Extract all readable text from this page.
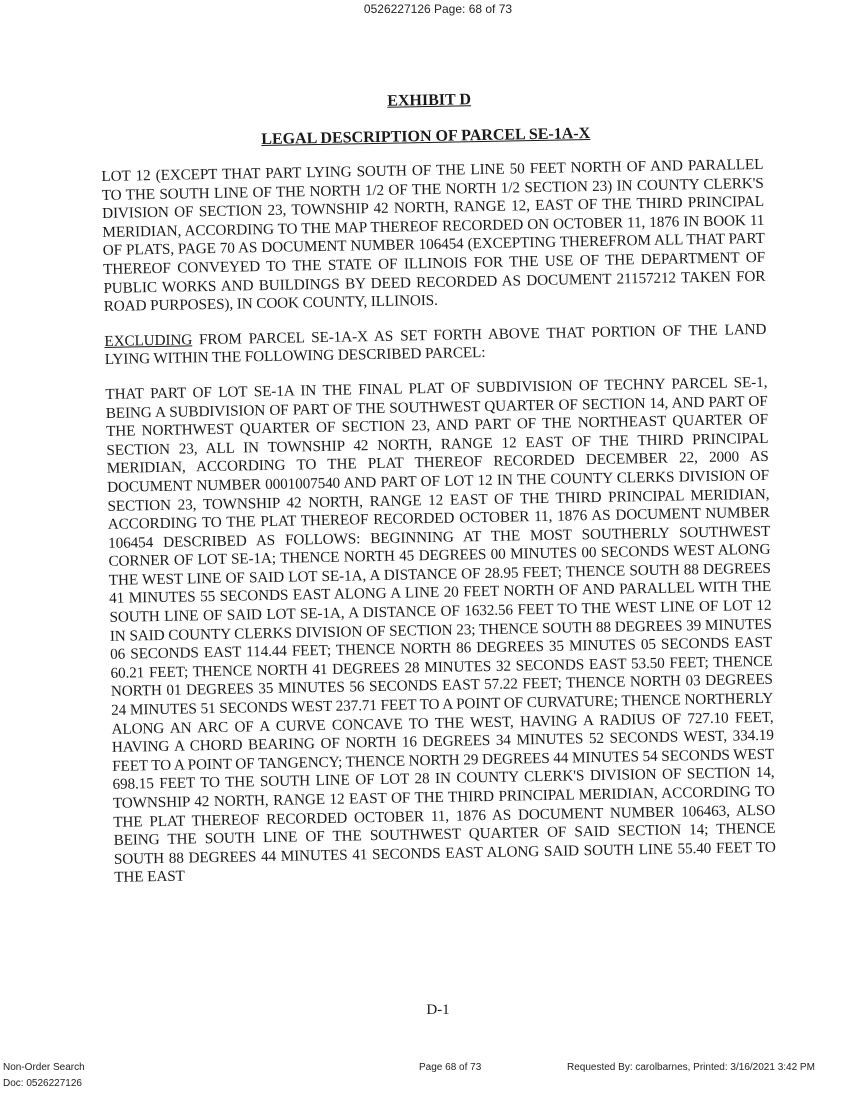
0526227126 Page: 68 of 73
EXHIBIT D
LEGAL DESCRIPTION OF PARCEL SE-1A-X

LOT 12 (EXCEPT THAT PART LYING SOUTH OF THE LINE 50 FEET NORTH OF AND PARALLEL TO THE SOUTH LINE OF THE NORTH 1/2 OF THE NORTH 1/2 SECTION 23) IN COUNTY CLERK'S DIVISION OF SECTION 23, TOWNSHIP 42 NORTH, RANGE 12, EAST OF THE THIRD PRINCIPAL MERIDIAN, ACCORDING TO THE MAP THEREOF RECORDED ON OCTOBER 11, 1876 IN BOOK 11 OF PLATS, PAGE 70 AS DOCUMENT NUMBER 106454 (EXCEPTING THEREFROM ALL THAT PART THEREOF CONVEYED TO THE STATE OF ILLINOIS FOR THE USE OF THE DEPARTMENT OF PUBLIC WORKS AND BUILDINGS BY DEED RECORDED AS DOCUMENT 21157212 TAKEN FOR ROAD PURPOSES), IN COOK COUNTY, ILLINOIS.

EXCLUDING FROM PARCEL SE-1A-X AS SET FORTH ABOVE THAT PORTION OF THE LAND LYING WITHIN THE FOLLOWING DESCRIBED PARCEL:

THAT PART OF LOT SE-1A IN THE FINAL PLAT OF SUBDIVISION OF TECHNY PARCEL SE-1, BEING A SUBDIVISION OF PART OF THE SOUTHWEST QUARTER OF SECTION 14, AND PART OF THE NORTHWEST QUARTER OF SECTION 23, AND PART OF THE NORTHEAST QUARTER OF SECTION 23, ALL IN TOWNSHIP 42 NORTH, RANGE 12 EAST OF THE THIRD PRINCIPAL MERIDIAN, ACCORDING TO THE PLAT THEREOF RECORDED DECEMBER 22, 2000 AS DOCUMENT NUMBER 0001007540 AND PART OF LOT 12 IN THE COUNTY CLERKS DIVISION OF SECTION 23, TOWNSHIP 42 NORTH, RANGE 12 EAST OF THE THIRD PRINCIPAL MERIDIAN, ACCORDING TO THE PLAT THEREOF RECORDED OCTOBER 11, 1876 AS DOCUMENT NUMBER 106454 DESCRIBED AS FOLLOWS: BEGINNING AT THE MOST SOUTHERLY SOUTHWEST CORNER OF LOT SE-1A; THENCE NORTH 45 DEGREES 00 MINUTES 00 SECONDS WEST ALONG THE WEST LINE OF SAID LOT SE-1A, A DISTANCE OF 28.95 FEET; THENCE SOUTH 88 DEGREES 41 MINUTES 55 SECONDS EAST ALONG A LINE 20 FEET NORTH OF AND PARALLEL WITH THE SOUTH LINE OF SAID LOT SE-1A, A DISTANCE OF 1632.56 FEET TO THE WEST LINE OF LOT 12 IN SAID COUNTY CLERKS DIVISION OF SECTION 23; THENCE SOUTH 88 DEGREES 39 MINUTES 06 SECONDS EAST 114.44 FEET; THENCE NORTH 86 DEGREES 35 MINUTES 05 SECONDS EAST 60.21 FEET; THENCE NORTH 41 DEGREES 28 MINUTES 32 SECONDS EAST 53.50 FEET; THENCE NORTH 01 DEGREES 35 MINUTES 56 SECONDS EAST 57.22 FEET; THENCE NORTH 03 DEGREES 24 MINUTES 51 SECONDS WEST 237.71 FEET TO A POINT OF CURVATURE; THENCE NORTHERLY ALONG AN ARC OF A CURVE CONCAVE TO THE WEST, HAVING A RADIUS OF 727.10 FEET, HAVING A CHORD BEARING OF NORTH 16 DEGREES 34 MINUTES 52 SECONDS WEST, 334.19 FEET TO A POINT OF TANGENCY; THENCE NORTH 29 DEGREES 44 MINUTES 54 SECONDS WEST 698.15 FEET TO THE SOUTH LINE OF LOT 28 IN COUNTY CLERK'S DIVISION OF SECTION 14, TOWNSHIP 42 NORTH, RANGE 12 EAST OF THE THIRD PRINCIPAL MERIDIAN, ACCORDING TO THE PLAT THEREOF RECORDED OCTOBER 11, 1876 AS DOCUMENT NUMBER 106463, ALSO BEING THE SOUTH LINE OF THE SOUTHWEST QUARTER OF SAID SECTION 14; THENCE SOUTH 88 DEGREES 44 MINUTES 41 SECONDS EAST ALONG SAID SOUTH LINE 55.40 FEET TO THE EAST

D-1
Non-Order Search
Doc: 0526227126
Page 68 of 73	Requested By: carolbarnes, Printed: 3/16/2021 3:42 PM
